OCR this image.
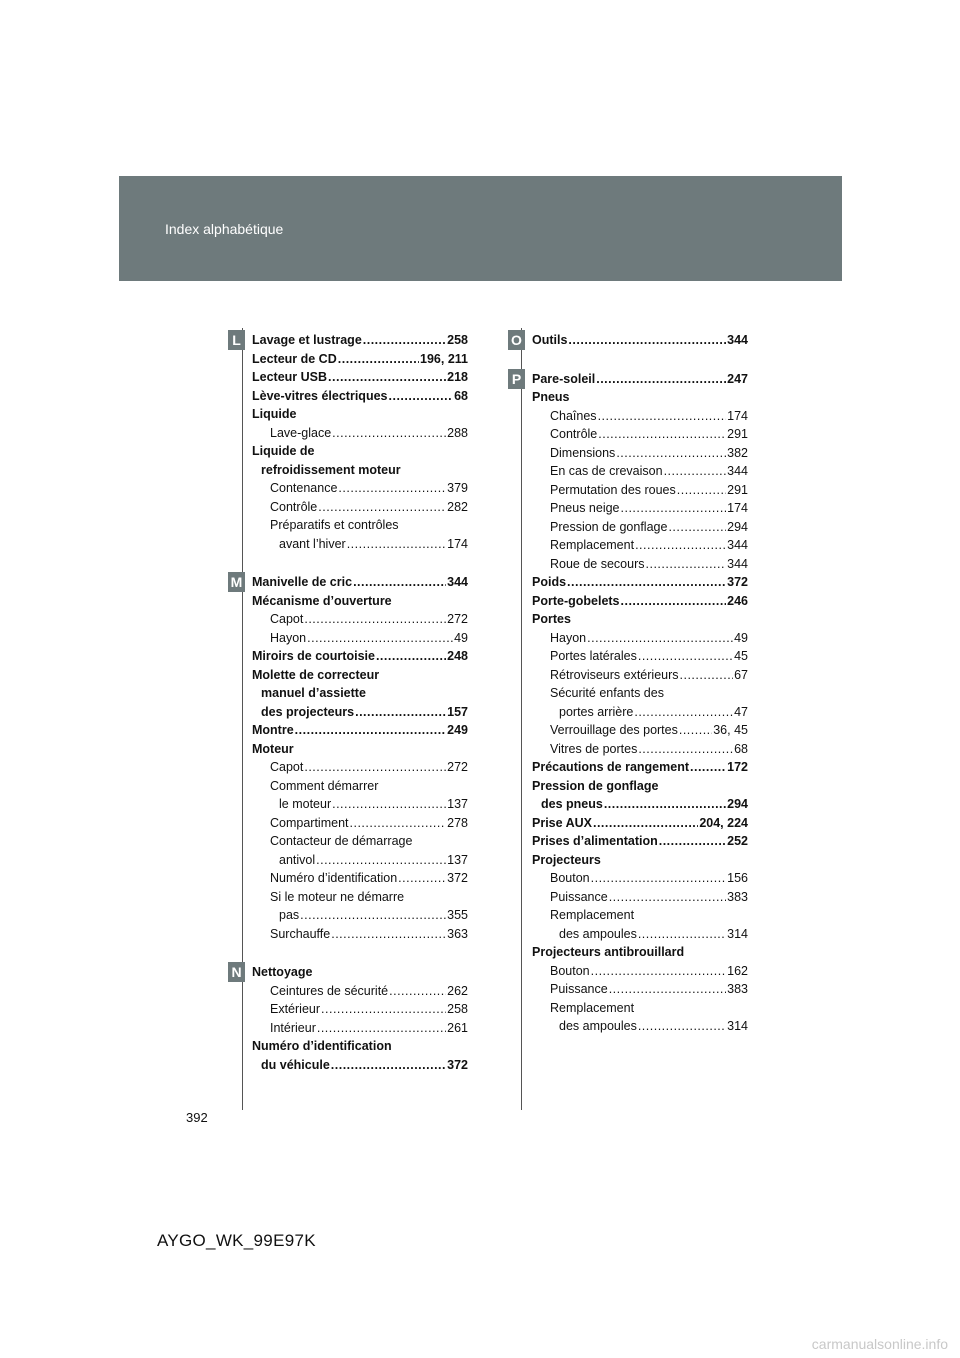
Index alphabétique
L Lavage et lustrage .....	258
Lecteur de CD .....	196, 211
Lecteur USB .....	218
Lève-vitres électriques .....	68
Liquide
Lave-glace .....	288
Liquide de
refroidissement moteur
Contenance .....	379
Contrôle .....	282
Préparatifs et contrôles
avant l’hiver .....	174
M Manivelle de cric .....	344
Mécanisme d’ouverture
Capot .....	272
Hayon .....	49
Miroirs de courtoisie .....	248
Molette de correcteur
manuel d’assiette
des projecteurs .....	157
Montre .....	249
Moteur
Capot .....	272
Comment démarrer
le moteur .....	137
Compartiment .....	278
Contacteur de démarrage
antivol .....	137
Numéro d’identification .....	372
Si le moteur ne démarre
pas .....	355
Surchauffe .....	363
N Nettoyage
Ceintures de sécurité .....	262
Extérieur .....	258
Intérieur .....	261
Numéro d’identification
du véhicule .....	372
O Outils .....	344
P Pare-soleil .....	247
Pneus
Chaînes .....	174
Contrôle .....	291
Dimensions .....	382
En cas de crevaison .....	344
Permutation des roues .....	291
Pneus neige .....	174
Pression de gonflage .....	294
Remplacement .....	344
Roue de secours .....	344
Poids .....	372
Porte-gobelets .....	246
Portes
Hayon .....	49
Portes latérales .....	45
Rétroviseurs extérieurs .....	67
Sécurité enfants des
portes arrière .....	47
Verrouillage des portes .....	36, 45
Vitres de portes .....	68
Précautions de rangement .....	172
Pression de gonflage
des pneus .....	294
Prise AUX .....	204, 224
Prises d’alimentation .....	252
Projecteurs
Bouton .....	156
Puissance .....	383
Remplacement
des ampoules .....	314
Projecteurs antibrouillard
Bouton .....	162
Puissance .....	383
Remplacement
des ampoules .....	314
392
AYGO_WK_99E97K
carmanualsonline.info
